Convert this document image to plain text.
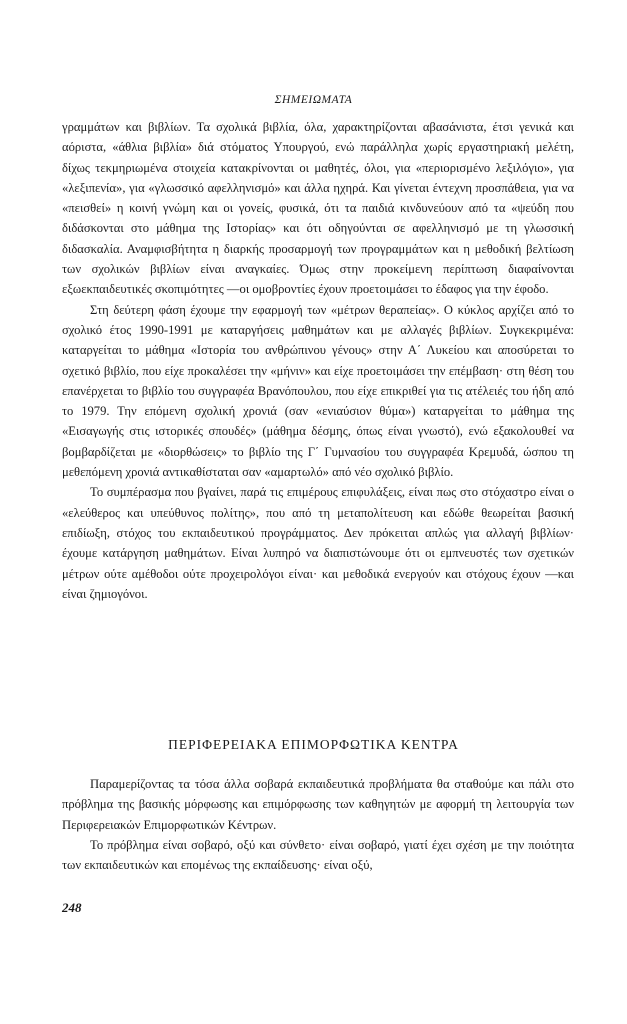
ΣΗΜΕΙΩΜΑΤΑ

γραμμάτων και βιβλίων. Τα σχολικά βιβλία, όλα, χαρακτηρίζονται αβασάνιστα, έτσι γενικά και αόριστα, «άθλια βιβλία» διά στόματος Υπουργού, ενώ παράλληλα χωρίς εργαστηριακή μελέτη, δίχως τεκμηριωμένα στοιχεία κατακρίνονται οι μαθητές, όλοι, για «περιορισμένο λεξιλόγιο», για «λεξιπενία», για «γλωσσικό αφελληνισμό» και άλλα ηχηρά. Και γίνεται έντεχνη προσπάθεια, για να «πεισθεί» η κοινή γνώμη και οι γονείς, φυσικά, ότι τα παιδιά κινδυνεύουν από τα «ψεύδη που διδάσκονται στο μάθημα της Ιστορίας» και ότι οδηγούνται σε αφελληνισμό με τη γλωσσική διδασκαλία. Αναμφισβήτητα η διαρκής προσαρμογή των προγραμμάτων και η μεθοδική βελτίωση των σχολικών βιβλίων είναι αναγκαίες. Όμως στην προκείμενη περίπτωση διαφαίνονται εξωεκπαιδευτικές σκοπιμότητες —οι ομοβροντίες έχουν προετοιμάσει το έδαφος για την έφοδο.

Στη δεύτερη φάση έχουμε την εφαρμογή των «μέτρων θεραπείας». Ο κύκλος αρχίζει από το σχολικό έτος 1990-1991 με καταργήσεις μαθημάτων και με αλλαγές βιβλίων. Συγκεκριμένα: καταργείται το μάθημα «Ιστορία του ανθρώπινου γένους» στην Α΄ Λυκείου και αποσύρεται το σχετικό βιβλίο, που είχε προκαλέσει την «μήνιν» και είχε προετοιμάσει την επέμβαση· στη θέση του επανέρχεται το βιβλίο του συγγραφέα Βρανόπουλου, που είχε επικριθεί για τις ατέλειές του ήδη από το 1979. Την επόμενη σχολική χρονιά (σαν «ενιαύσιον θύμα») καταργείται το μάθημα της «Εισαγωγής στις ιστορικές σπουδές» (μάθημα δέσμης, όπως είναι γνωστό), ενώ εξακολουθεί να βομβαρδίζεται με «διορθώσεις» το βιβλίο της Γ΄ Γυμνασίου του συγγραφέα Κρεμυδά, ώσπου τη μεθεπόμενη χρονιά αντικαθίσταται σαν «αμαρτωλό» από νέο σχολικό βιβλίο.

Το συμπέρασμα που βγαίνει, παρά τις επιμέρους επιφυλάξεις, είναι πως στο στόχαστρο είναι ο «ελεύθερος και υπεύθυνος πολίτης», που από τη μεταπολίτευση και εδώθε θεωρείται βασική επιδίωξη, στόχος του εκπαιδευτικού προγράμματος. Δεν πρόκειται απλώς για αλλαγή βιβλίων· έχουμε κατάργηση μαθημάτων. Είναι λυπηρό να διαπιστώνουμε ότι οι εμπνευστές των σχετικών μέτρων ούτε αμέθοδοι ούτε προχειρολόγοι είναι· και μεθοδικά ενεργούν και στόχους έχουν —και είναι ζημιογόνοι.

ΠΕΡΙΦΕΡΕΙΑΚΑ ΕΠΙΜΟΡΦΩΤΙΚΑ ΚΕΝΤΡΑ

Παραμερίζοντας τα τόσα άλλα σοβαρά εκπαιδευτικά προβλήματα θα σταθούμε και πάλι στο πρόβλημα της βασικής μόρφωσης και επιμόρφωσης των καθηγητών με αφορμή τη λειτουργία των Περιφερειακών Επιμορφωτικών Κέντρων.

Το πρόβλημα είναι σοβαρό, οξύ και σύνθετο· είναι σοβαρό, γιατί έχει σχέση με την ποιότητα των εκπαιδευτικών και επομένως της εκπαίδευσης· είναι οξύ,

248
